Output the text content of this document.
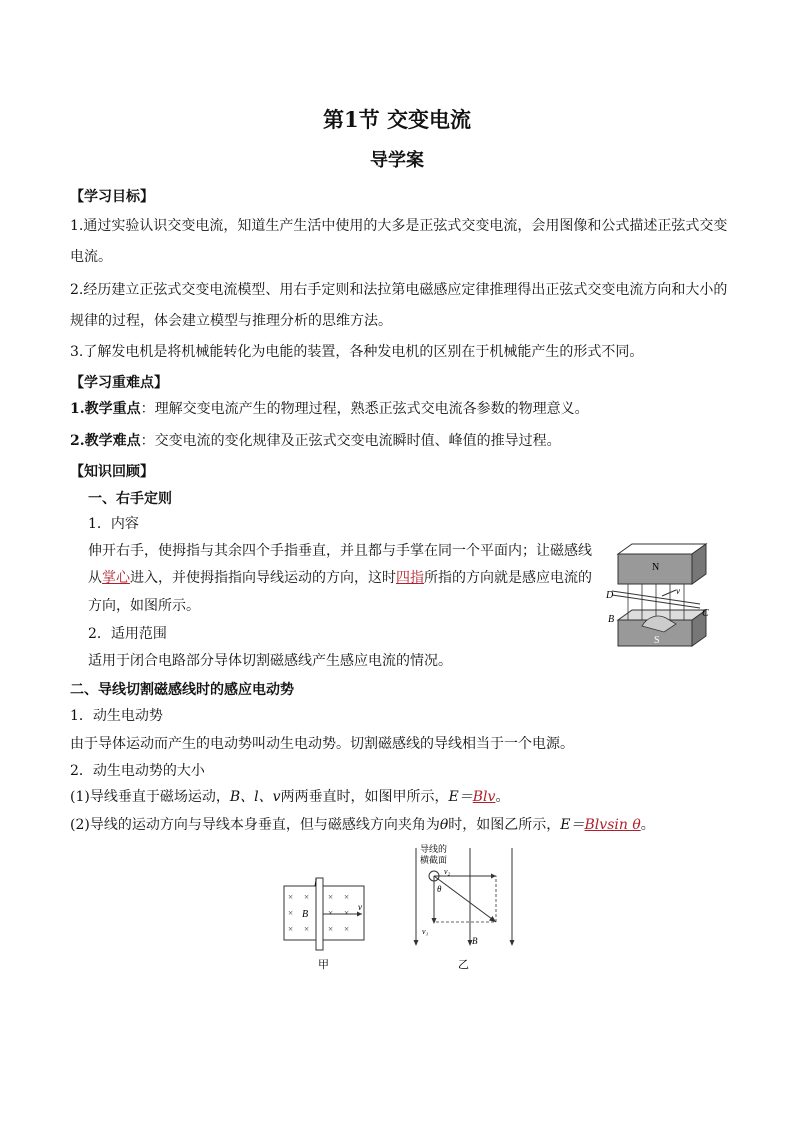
第1节 交变电流
导学案
【学习目标】
1.通过实验认识交变电流，知道生产生活中使用的大多是正弦式交变电流，会用图像和公式描述正弦式交变
电流。
2.经历建立正弦式交变电流模型、用右手定则和法拉第电磁感应定律推理得出正弦式交变电流方向和大小的
规律的过程，体会建立模型与推理分析的思维方法。
3.了解发电机是将机械能转化为电能的装置，各种发电机的区别在于机械能产生的形式不同。
【学习重难点】
1.教学重点：理解交变电流产生的物理过程，熟悉正弦式交电流各参数的物理意义。
2.教学难点：交变电流的变化规律及正弦式交变电流瞬时值、峰值的推导过程。
【知识回顾】
一、右手定则
1．内容
伸开右手，使拇指与其余四个手指垂直，并且都与手掌在同一个平面内；让磁感线
从掌心进入，并使拇指指向导线运动的方向，这时四指所指的方向就是感应电流的
方向，如图所示。
2．适用范围
适用于闭合电路部分导体切割磁感线产生感应电流的情况。
N
S
D
C
B
v
二、导线切割磁感线时的感应电动势
1．动生电动势
由于导体运动而产生的电动势叫动生电动势。切割磁感线的导线相当于一个电源。
2．动生电动势的大小
(1)导线垂直于磁场运动，B、l、v两两垂直时，如图甲所示，E＝Blv。
(2)导线的运动方向与导线本身垂直，但与磁感线方向夹角为θ时，如图乙所示，E＝Blvsin θ。
l
× × × ×
×	× ×
× × × ×
B
v
甲
导线的
横截面
v₂
v₁
θ
B
乙
